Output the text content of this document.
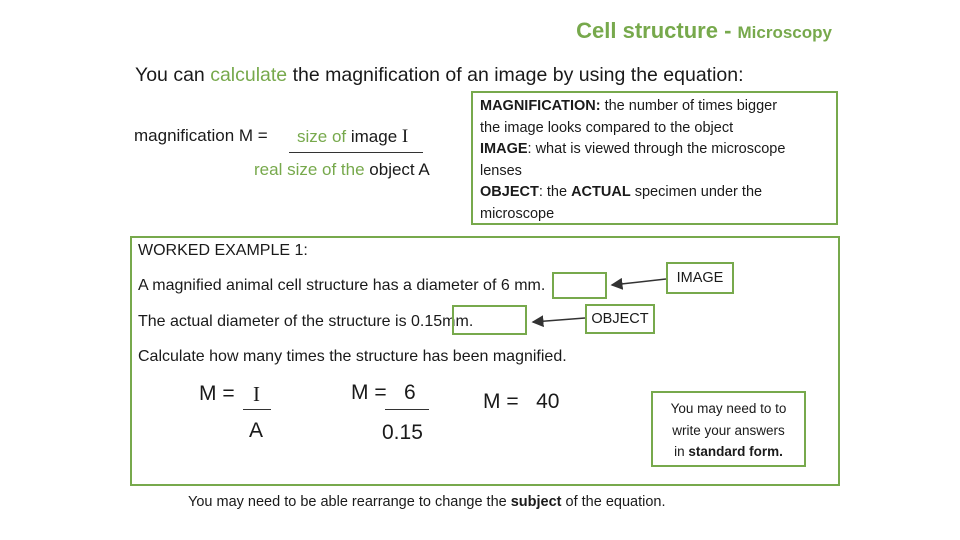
Cell structure - Microscopy
You can calculate the magnification of an image by using the equation:
magnification M = size of image I
real size of the object A
MAGNIFICATION: the number of times bigger
the image looks compared to the object
IMAGE: what is viewed through the microscope
lenses
OBJECT: the ACTUAL specimen under the
microscope
WORKED EXAMPLE 1:
A magnified animal cell structure has a diameter of 6 mm.
The actual diameter of the structure is 0.15mm.
Calculate how many times the structure has been magnified.
IMAGE
OBJECT
M = I
A
M = 6
0.15
M =   40	You may need to to
write your answers
in standard form.
You may need to be able rearrange to change the subject of the equation.
